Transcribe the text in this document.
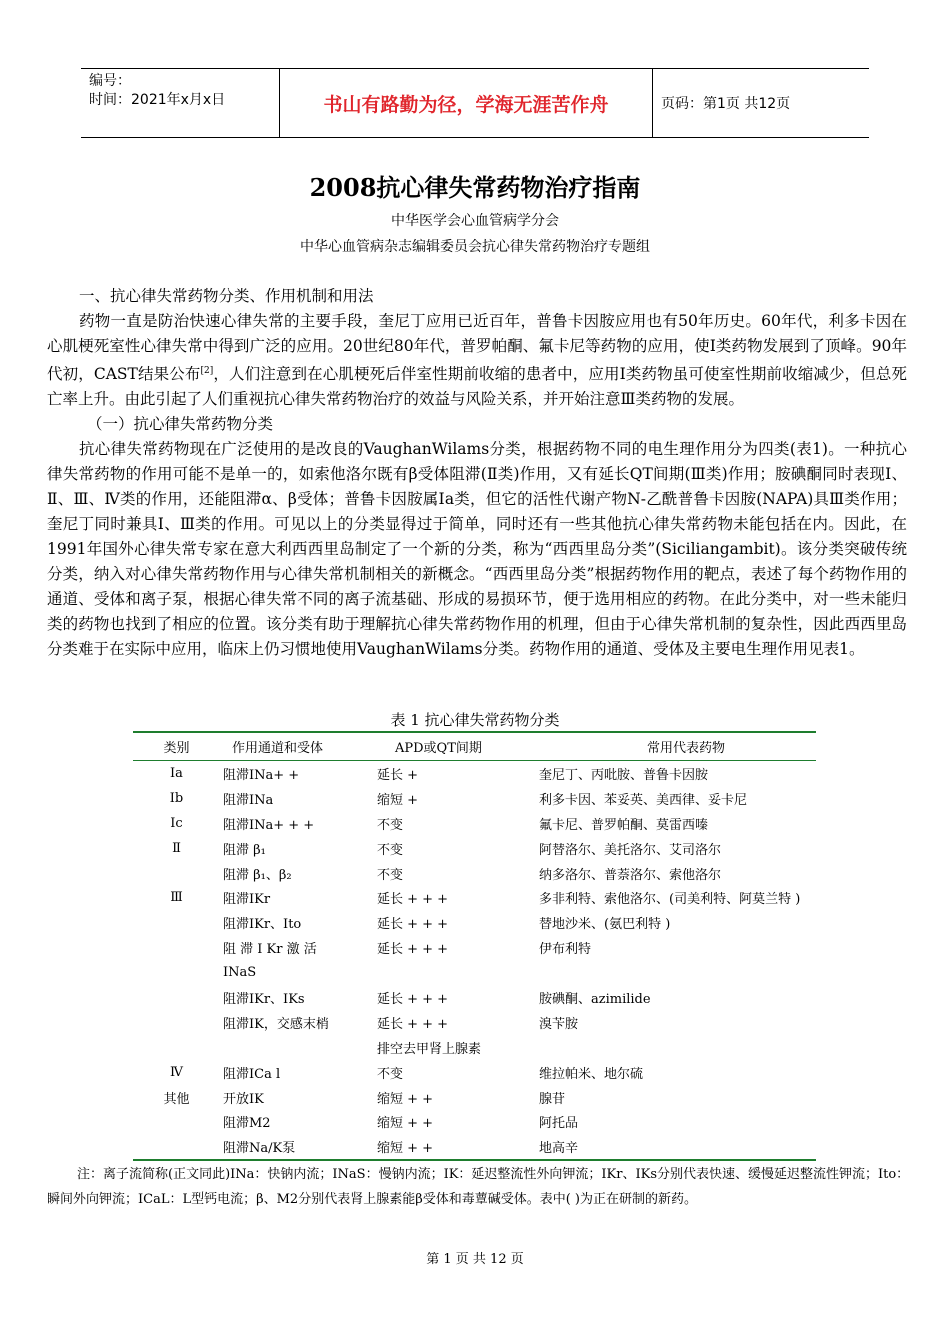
编号：
时间：2021年x月x日	书山有路勤为径，学海无涯苦作舟	页码：第1页 共12页
2008抗心律失常药物治疗指南
中华医学会心血管病学分会
中华心血管病杂志编辑委员会抗心律失常药物治疗专题组

一、抗心律失常药物分类、作用机制和用法

药物一直是防治快速心律失常的主要手段，奎尼丁应用已近百年，普鲁卡因胺应用也有50年历史。60年代，利多卡因在心肌梗死室性心律失常中得到广泛的应用。20世纪80年代，普罗帕酮、氟卡尼等药物的应用，使Ⅰ类药物发展到了顶峰。90年代初，CAST结果公布[2]，人们注意到在心肌梗死后伴室性期前收缩的患者中，应用Ⅰ类药物虽可使室性期前收缩减少，但总死亡率上升。由此引起了人们重视抗心律失常药物治疗的效益与风险关系，并开始注意Ⅲ类药物的发展。

（一）抗心律失常药物分类

抗心律失常药物现在广泛使用的是改良的VaughanWilams分类，根据药物不同的电生理作用分为四类(表1)。一种抗心律失常药物的作用可能不是单一的，如索他洛尔既有β受体阻滞(Ⅱ类)作用，又有延长QT间期(Ⅲ类)作用；胺碘酮同时表现Ⅰ、Ⅱ、Ⅲ、Ⅳ类的作用，还能阻滞α、β受体；普鲁卡因胺属Ⅰa类，但它的活性代谢产物N-乙酰普鲁卡因胺(NAPA)具Ⅲ类作用；奎尼丁同时兼具Ⅰ、Ⅲ类的作用。可见以上的分类显得过于简单，同时还有一些其他抗心律失常药物未能包括在内。因此，在1991年国外心律失常专家在意大利西西里岛制定了一个新的分类，称为“西西里岛分类”(Siciliangambit)。该分类突破传统分类，纳入对心律失常药物作用与心律失常机制相关的新概念。“西西里岛分类”根据药物作用的靶点，表述了每个药物作用的通道、受体和离子泵，根据心律失常不同的离子流基础、形成的易损环节，便于选用相应的药物。在此分类中，对一些未能归类的药物也找到了相应的位置。该分类有助于理解抗心律失常药物作用的机理，但由于心律失常机制的复杂性，因此西西里岛分类难于在实际中应用，临床上仍习惯地使用VaughanWilams分类。药物作用的通道、受体及主要电生理作用见表1。

表 1 抗心律失常药物分类
类别	作用通道和受体	APD或QT间期	常用代表药物
Ⅰa	阻滞ⅠNa+ +	延长 +	奎尼丁、丙吡胺、普鲁卡因胺
Ⅰb	阻滞ⅠNa	缩短 +	利多卡因、苯妥英、美西律、妥卡尼
Ⅰc	阻滞ⅠNa+ + +	不变	氟卡尼、普罗帕酮、莫雷西嗪
Ⅱ	阻滞 β₁	不变	阿替洛尔、美托洛尔、艾司洛尔
	阻滞 β₁、β₂	不变	纳多洛尔、普萘洛尔、索他洛尔
Ⅲ	阻滞ⅠKr	延长 + + +	多非利特、索他洛尔、(司美利特、阿莫兰特 )
	阻滞ⅠKr、Ⅰto	延长 + + +	替地沙米、(氨巴利特 )
	阻 滞 Ⅰ Kr 激 活	延长 + + +	伊布利特
	ⅠNaS		
	阻滞ⅠKr、ⅠKs	延长 + + +	胺碘酮、azimilide
	阻滞ⅠK，交感末梢	延长 + + +	溴苄胺
		排空去甲肾上腺素	
Ⅳ	阻滞ⅠCa l	不变	维拉帕米、地尔硫
其他	开放ⅠK	缩短 + +	腺苷
	阻滞M2	缩短 + +	阿托品
	阻滞Na/K泵	缩短 + +	地高辛
注：离子流简称(正文同此)INa：快钠内流；ⅠNaS：慢钠内流；ⅠK：延迟整流性外向钾流；ⅠKr、ⅠKs分别代表快速、缓慢延迟整流性钾流；Ⅰto：瞬间外向钾流；ⅠCaL：L型钙电流；β、M2分别代表肾上腺素能β受体和毒蕈碱受体。表中( )为正在研制的新药。
第 1 页 共 12 页
